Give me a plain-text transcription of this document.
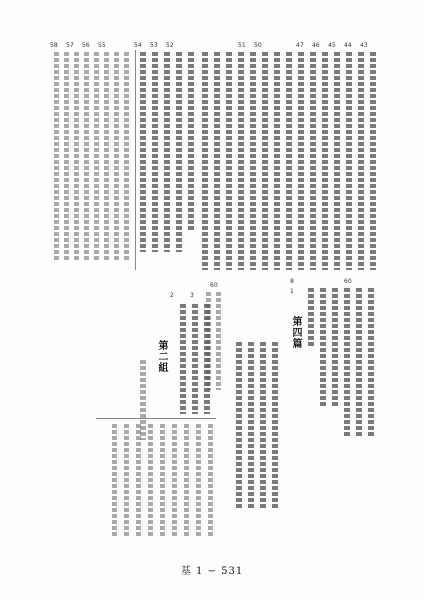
47 46 45 44 43
51 50
54 53 52
58 57 56 55
60
8
1
第四篇
60
3
2
第二組
基 1 − 531
